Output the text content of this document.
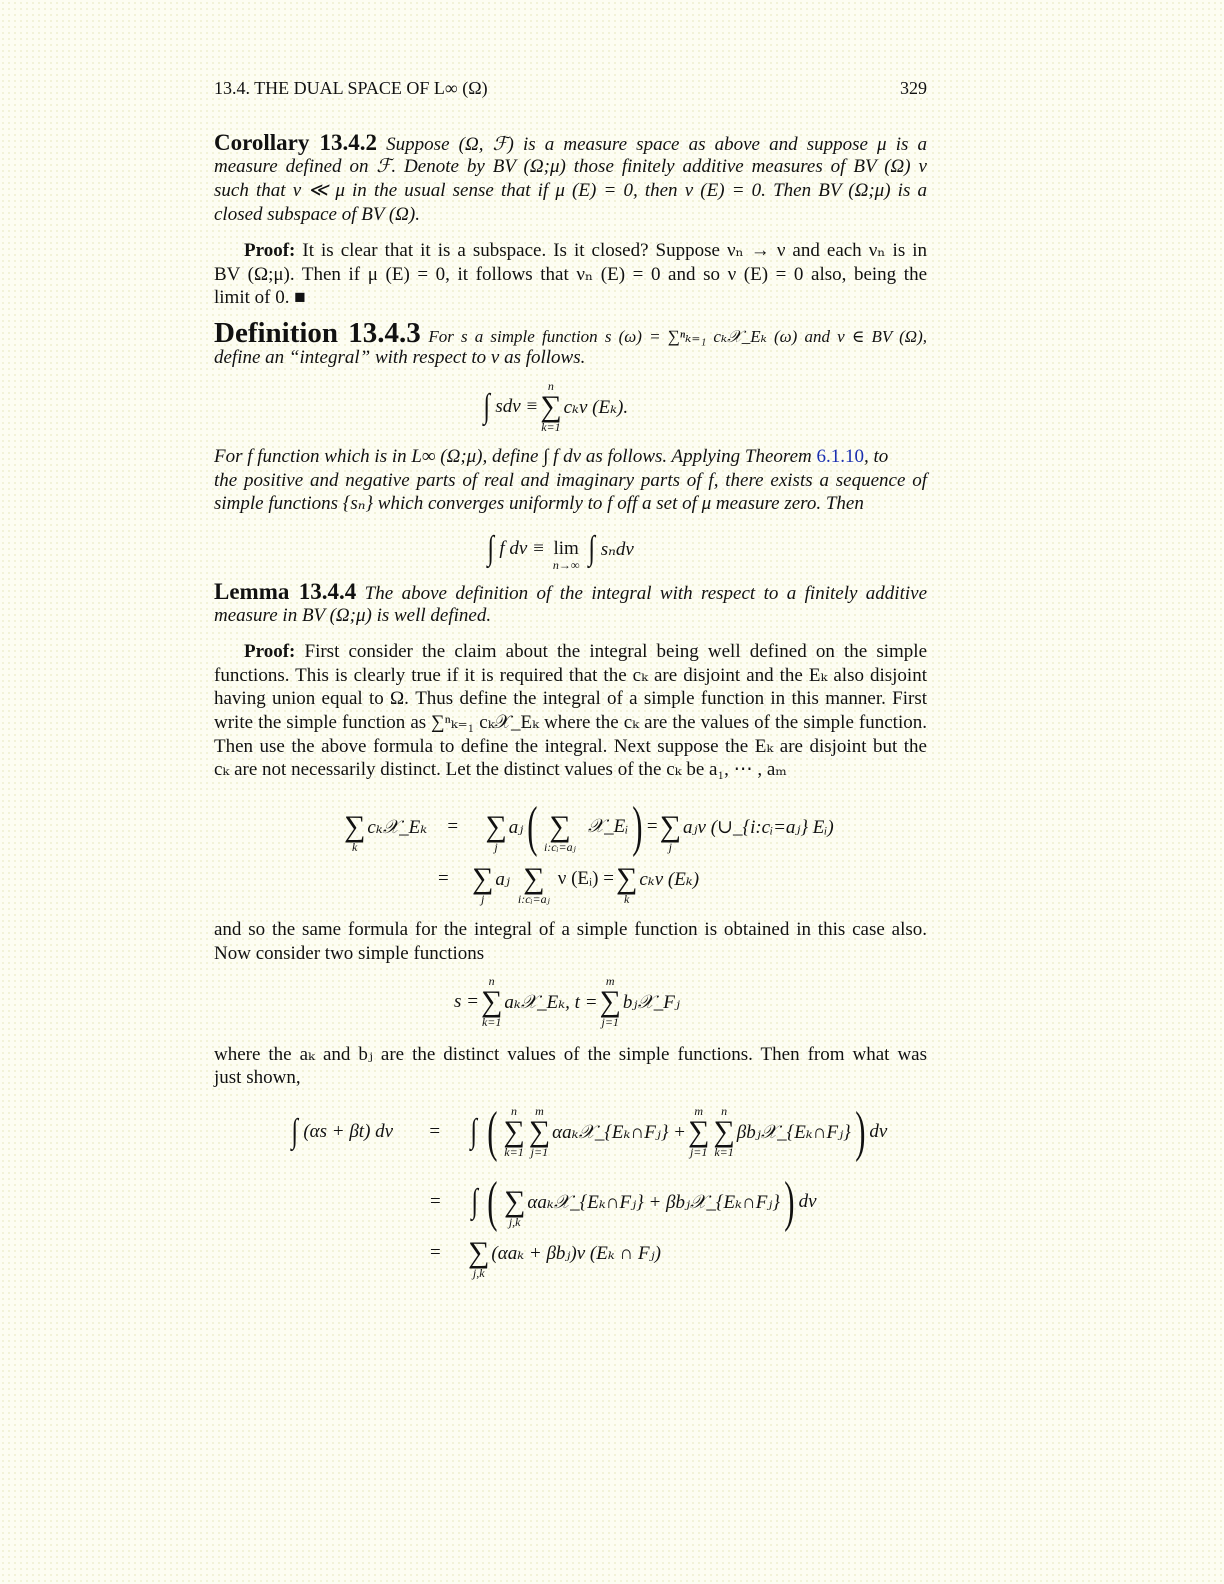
13.4. THE DUAL SPACE OF L∞ (Ω)	329
Corollary 13.4.2 Suppose (Ω, ℱ) is a measure space as above and suppose μ is a
measure defined on ℱ. Denote by BV (Ω;μ) those finitely additive measures of BV (Ω) ν
such that ν ≪ μ in the usual sense that if μ (E) = 0, then ν (E) = 0. Then BV (Ω;μ) is a
closed subspace of BV (Ω).
Proof: It is clear that it is a subspace. Is it closed? Suppose νₙ → ν and each νₙ is in
BV (Ω;μ). Then if μ (E) = 0, it follows that νₙ (E) = 0 and so ν (E) = 0 also, being the
limit of 0. ■
Definition 13.4.3 For s a simple function s (ω) = ∑ⁿₖ₌₁ cₖ𝒳_Eₖ (ω) and ν ∈ BV (Ω),
define an “integral” with respect to ν as follows.
∫ sdν ≡
n
∑
k=1
cₖν (Eₖ).
For f function which is in L∞ (Ω;μ), define ∫ f dν as follows. Applying Theorem 6.1.10, to
the positive and negative parts of real and imaginary parts of f, there exists a sequence of
simple functions {sₙ} which converges uniformly to f off a set of μ measure zero. Then
∫ f dν ≡ lim
n→∞ ∫ sₙdν
Lemma 13.4.4 The above definition of the integral with respect to a finitely additive
measure in BV (Ω;μ) is well defined.
Proof: First consider the claim about the integral being well defined on the simple
functions. This is clearly true if it is required that the cₖ are disjoint and the Eₖ also disjoint
having union equal to Ω. Thus define the integral of a simple function in this manner. First
write the simple function as ∑ⁿₖ₌₁ cₖ𝒳_Eₖ where the cₖ are the values of the simple function.
Then use the above formula to define the integral. Next suppose the Eₖ are disjoint but the
cₖ are not necessarily distinct. Let the distinct values of the cₖ be a₁, ⋯ , aₘ
∑
k
cₖ𝒳_Eₖ	= ∑
j
aⱼ ( ∑
i:cᵢ=aⱼ
𝒳_Eᵢ ) = ∑
j
aⱼν (∪_{i:cᵢ=aⱼ} Eᵢ)
= ∑
j
aⱼ ∑
i:cᵢ=aⱼ
ν (Eᵢ) = ∑
k
cₖν (Eₖ)
and so the same formula for the integral of a simple function is obtained in this case also.
Now consider two simple functions
s =
n
∑
k=1
aₖ𝒳_Eₖ, t =
m
∑
j=1
bⱼ𝒳_Fⱼ
where the aₖ and bⱼ are the distinct values of the simple functions. Then from what was
just shown,
∫ (αs + βt) dν	= ∫ ( n
∑
k=1
m
∑
j=1
αaₖ𝒳_{Eₖ∩Fⱼ} +
m
∑
j=1
n
∑
k=1
βbⱼ𝒳_{Eₖ∩Fⱼ} ) dν
= ∫ ( ∑
j,k
αaₖ𝒳_{Eₖ∩Fⱼ} + βbⱼ𝒳_{Eₖ∩Fⱼ} ) dν
= ∑
j,k
(αaₖ + βbⱼ)ν (Eₖ ∩ Fⱼ)
